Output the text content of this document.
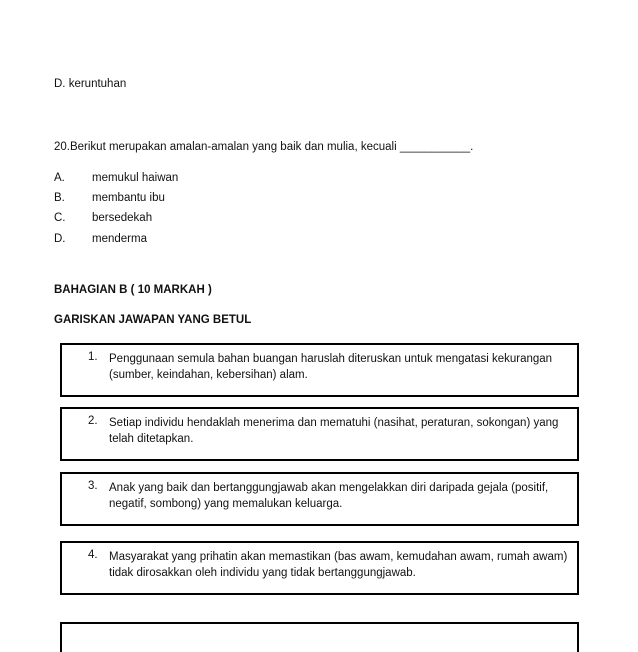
D. keruntuhan
20.Berikut merupakan amalan-amalan yang baik dan mulia, kecuali ___________.
A. memukul haiwan
B. membantu ibu
C. bersedekah
D. menderma
BAHAGIAN B ( 10 MARKAH )
GARISKAN JAWAPAN YANG BETUL
1. Penggunaan semula bahan buangan haruslah diteruskan untuk mengatasi kekurangan (sumber, keindahan, kebersihan) alam.
2. Setiap individu hendaklah menerima dan mematuhi (nasihat, peraturan, sokongan) yang telah ditetapkan.
3. Anak yang baik dan bertanggungjawab akan mengelakkan diri daripada gejala (positif, negatif, sombong) yang memalukan keluarga.
4. Masyarakat yang prihatin akan memastikan (bas awam, kemudahan awam, rumah awam) tidak dirosakkan oleh individu yang tidak bertanggungjawab.
